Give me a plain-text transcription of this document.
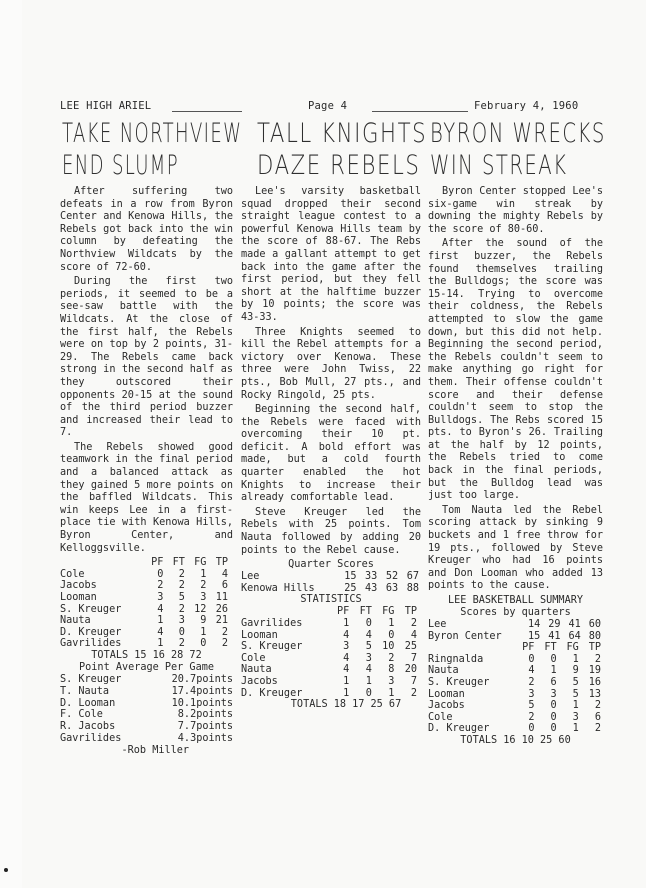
LEE HIGH ARIEL	Page 4	February 4, 1960
TAKE NORTHVIEW
END SLUMP
TALL KNIGHTS
DAZE REBELS
BYRON WRECKS
WIN STREAK

After suffering two defeats in a row from Byron Center and Kenowa Hills, the Rebels got back into the win column by defeating the Northview Wildcats by the score of 72-60.

During the first two periods, it seemed to be a see-saw battle with the Wildcats. At the close of the first half, the Rebels were on top by 2 points, 31-29. The Rebels came back strong in the second half as they outscored their opponents 20-15 at the sound of the third period buzzer and increased their lead to 7.

The Rebels showed good teamwork in the final period and a balanced attack as they gained 5 more points on the baffled Wildcats. This win keeps Lee in a first-place tie with Kenowa Hills, Byron Center, and Kelloggsville.

	PF	FT	FG	TP
Cole	0	2	1	4
Jacobs	2	2	2	6
Looman	3	5	3	11
S. Kreuger	4	2	12	26
Nauta	1	3	9	21
D. Kreuger	4	0	1	2
Gavrilides	1	2	0	2
TOTALS 15 16 28 72
Point Average Per Game
S. Kreuger	20.7points
T. Nauta	17.4points
D. Looman	10.1points
F. Cole	8.2points
R. Jacobs	7.7points
Gavrilides	4.3points
-Rob Miller

Lee's varsity basketball squad dropped their second straight league contest to a powerful Kenowa Hills team by the score of 88-67. The Rebs made a gallant attempt to get back into the game after the first period, but they fell short at the halftime buzzer by 10 points; the score was 43-33.

Three Knights seemed to kill the Rebel attempts for a victory over Kenowa. These three were John Twiss, 22 pts., Bob Mull, 27 pts., and Rocky Ringold, 25 pts.

Beginning the second half, the Rebels were faced with overcoming their 10 pt. deficit. A bold effort was made, but a cold fourth quarter enabled the hot Knights to increase their already comfortable lead.

Steve Kreuger led the Rebels with 25 points. Tom Nauta followed by adding 20 points to the Rebel cause.

Quarter Scores
Lee	15	33	52	67
Kenowa Hills	25	43	63	88
STATISTICS
	PF	FT	FG	TP
Gavrilides	1	0	1	2
Looman	4	4	0	4
S. Kreuger	3	5	10	25
Cole	4	3	2	7
Nauta	4	4	8	20
Jacobs	1	1	3	7
D. Kreuger	1	0	1	2
TOTALS 18 17 25 67

Byron Center stopped Lee's six-game win streak by downing the mighty Rebels by the score of 80-60.

After the sound of the first buzzer, the Rebels found themselves trailing the Bulldogs; the score was 15-14. Trying to overcome their coldness, the Rebels attempted to slow the game down, but this did not help. Beginning the second period, the Rebels couldn't seem to make anything go right for them. Their offense couldn't score and their defense couldn't seem to stop the Bulldogs. The Rebs scored 15 pts. to Byron's 26. Trailing at the half by 12 points, the Rebels tried to come back in the final periods, but the Bulldog lead was just too large.

Tom Nauta led the Rebel scoring attack by sinking 9 buckets and 1 free throw for 19 pts., followed by Steve Kreuger who had 16 points and Don Looman who added 13 points to the cause.

LEE BASKETBALL SUMMARY
Scores by quarters
Lee	14	29	41	60
Byron Center	15	41	64	80
	PF	FT	FG	TP
Ringnalda	0	0	1	2
Nauta	4	1	9	19
S. Kreuger	2	6	5	16
Looman	3	3	5	13
Jacobs	5	0	1	2
Cole	2	0	3	6
D. Kreuger	0	0	1	2
TOTALS 16 10 25 60
